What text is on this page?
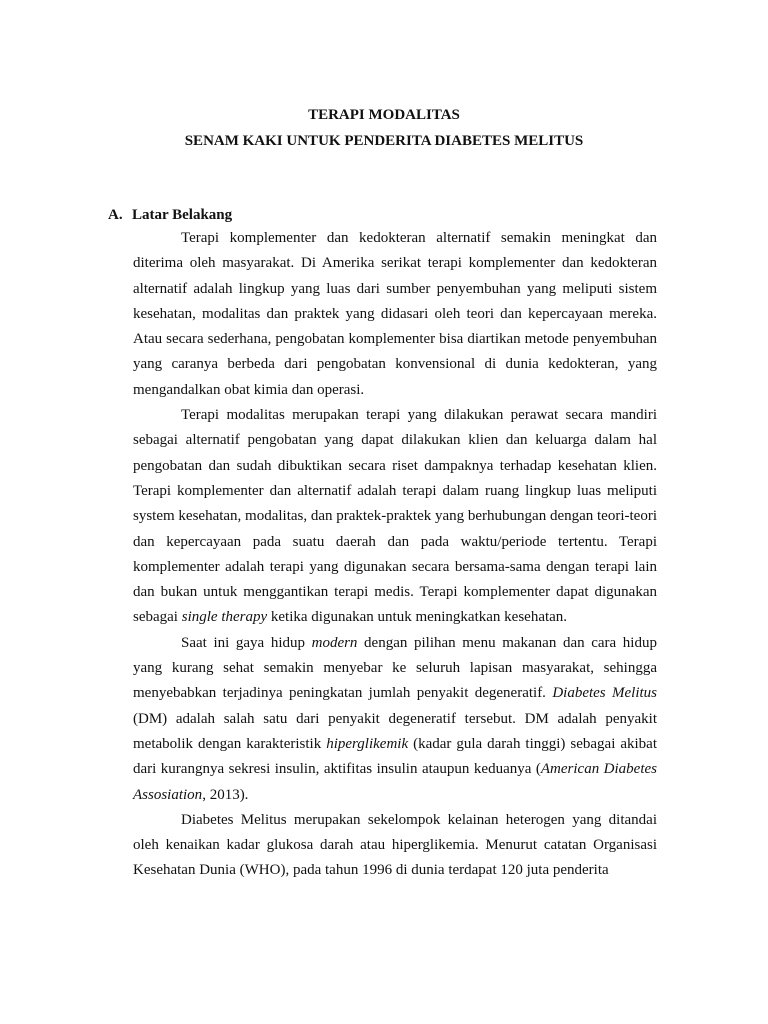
TERAPI MODALITAS
SENAM KAKI UNTUK PENDERITA DIABETES MELITUS
A. Latar Belakang

Terapi komplementer dan kedokteran alternatif semakin meningkat dan diterima oleh masyarakat. Di Amerika serikat terapi komplementer dan kedokteran alternatif adalah lingkup yang luas dari sumber penyembuhan yang meliputi sistem kesehatan, modalitas dan praktek yang didasari oleh teori dan kepercayaan mereka. Atau secara sederhana, pengobatan komplementer bisa diartikan metode penyembuhan yang caranya berbeda dari pengobatan konvensional di dunia kedokteran, yang mengandalkan obat kimia dan operasi.

Terapi modalitas merupakan terapi yang dilakukan perawat secara mandiri sebagai alternatif pengobatan yang dapat dilakukan klien dan keluarga dalam hal pengobatan dan sudah dibuktikan secara riset dampaknya terhadap kesehatan klien. Terapi komplementer dan alternatif adalah terapi dalam ruang lingkup luas meliputi system kesehatan, modalitas, dan praktek-praktek yang berhubungan dengan teori-teori dan kepercayaan pada suatu daerah dan pada waktu/periode tertentu. Terapi komplementer adalah terapi yang digunakan secara bersama-sama dengan terapi lain dan bukan untuk menggantikan terapi medis. Terapi komplementer dapat digunakan sebagai single therapy ketika digunakan untuk meningkatkan kesehatan.

Saat ini gaya hidup modern dengan pilihan menu makanan dan cara hidup yang kurang sehat semakin menyebar ke seluruh lapisan masyarakat, sehingga menyebabkan terjadinya peningkatan jumlah penyakit degeneratif. Diabetes Melitus (DM) adalah salah satu dari penyakit degeneratif tersebut. DM adalah penyakit metabolik dengan karakteristik hiperglikemik (kadar gula darah tinggi) sebagai akibat dari kurangnya sekresi insulin, aktifitas insulin ataupun keduanya (American Diabetes Assosiation, 2013).

Diabetes Melitus merupakan sekelompok kelainan heterogen yang ditandai oleh kenaikan kadar glukosa darah atau hiperglikemia. Menurut catatan Organisasi Kesehatan Dunia (WHO), pada tahun 1996 di dunia terdapat 120 juta penderita
